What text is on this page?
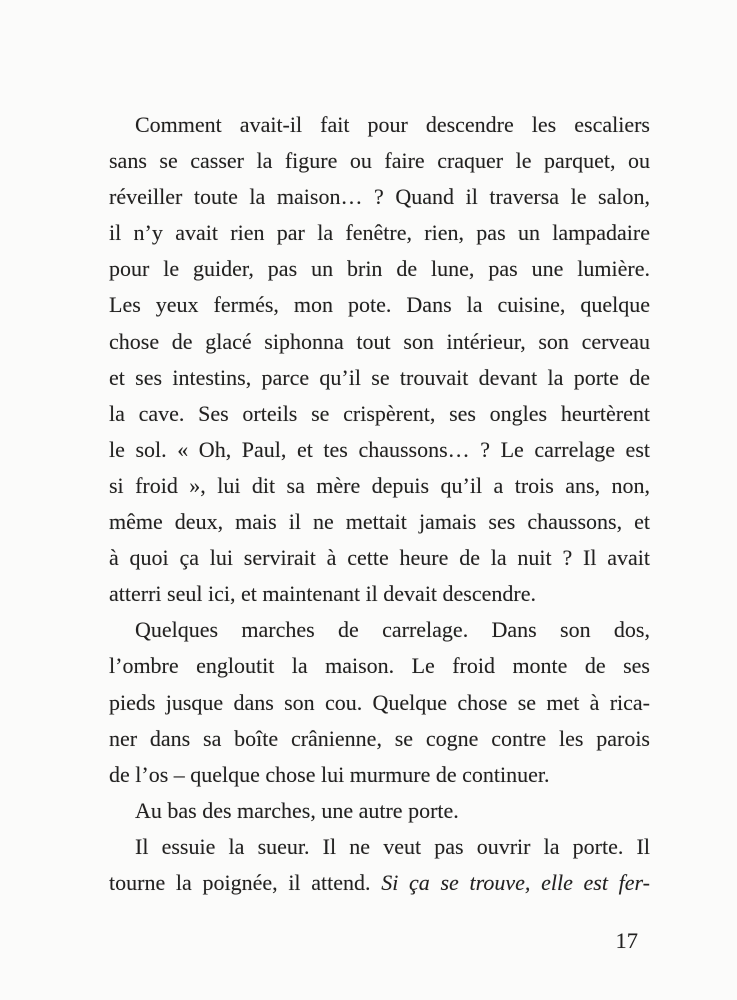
Comment avait-il fait pour descendre les escaliers
sans se casser la figure ou faire craquer le parquet, ou
réveiller toute la maison… ? Quand il traversa le salon,
il n’y avait rien par la fenêtre, rien, pas un lampadaire
pour le guider, pas un brin de lune, pas une lumière.
Les yeux fermés, mon pote. Dans la cuisine, quelque
chose de glacé siphonna tout son intérieur, son cerveau
et ses intestins, parce qu’il se trouvait devant la porte de
la cave. Ses orteils se crispèrent, ses ongles heurtèrent
le sol. « Oh, Paul, et tes chaussons… ? Le carrelage est
si froid », lui dit sa mère depuis qu’il a trois ans, non,
même deux, mais il ne mettait jamais ses chaussons, et
à quoi ça lui servirait à cette heure de la nuit ? Il avait
atterri seul ici, et maintenant il devait descendre.
Quelques marches de carrelage. Dans son dos,
l’ombre engloutit la maison. Le froid monte de ses
pieds jusque dans son cou. Quelque chose se met à rica-
ner dans sa boîte crânienne, se cogne contre les parois
de l’os – quelque chose lui murmure de continuer.
Au bas des marches, une autre porte.
Il essuie la sueur. Il ne veut pas ouvrir la porte. Il
tourne la poignée, il attend. Si ça se trouve, elle est fer-
17
